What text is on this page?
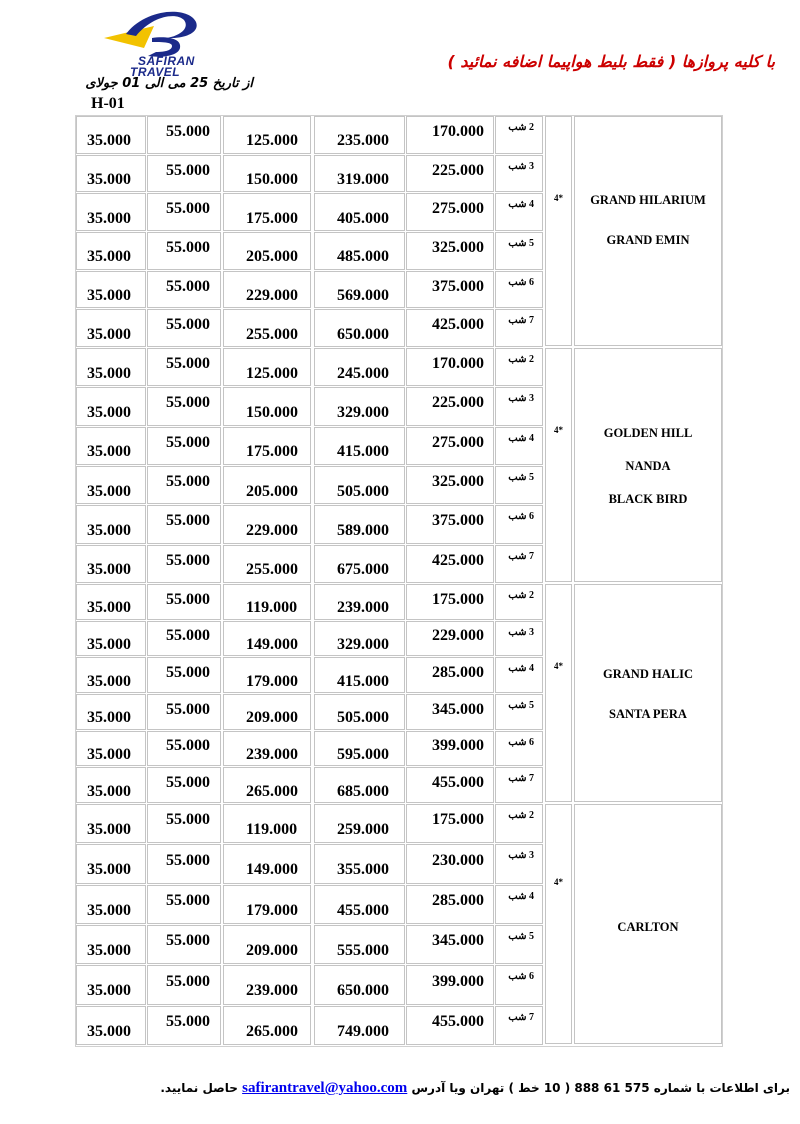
SAFIRAN
TRAVEL
با کلیه پروازها ( فقط بلیط هواپیما اضافه نمائید )
از تاریخ 25 می الی 01 جولای
H-01
35.000
55.000
125.000 235.000
170.000 2 شب
35.000
55.000
150.000 319.000
225.000 3 شب
35.000
55.000
175.000 405.000
275.000 4 شب
35.000
55.000
205.000 485.000
325.000 5 شب
35.000
55.000
229.000 569.000
375.000 6 شب
35.000
55.000
255.000 650.000
425.000 7 شب
4*	GRAND HILARIUM
GRAND EMIN
35.000
55.000
125.000 245.000
170.000 2 شب
35.000
55.000
150.000 329.000
225.000 3 شب
35.000
55.000
175.000 415.000
275.000 4 شب
35.000
55.000
205.000 505.000
325.000 5 شب
35.000
55.000
229.000 589.000
375.000 6 شب
35.000
55.000
255.000 675.000
425.000 7 شب
4*	GOLDEN HILL
NANDA
BLACK BIRD
35.000
55.000
119.000 239.000
175.000 2 شب
35.000
55.000
149.000 329.000
229.000 3 شب
35.000
55.000
179.000 415.000
285.000 4 شب
35.000
55.000
209.000 505.000
345.000 5 شب
35.000
55.000
239.000 595.000
399.000 6 شب
35.000
55.000
265.000 685.000
455.000 7 شب
4*
GRAND HALIC
SANTA PERA
35.000
55.000
119.000 259.000
175.000 2 شب
35.000
55.000
149.000 355.000
230.000 3 شب
35.000
55.000
179.000 455.000
285.000 4 شب
35.000
55.000
209.000 555.000
345.000 5 شب
35.000
55.000
239.000 650.000
399.000 6 شب
35.000
55.000
265.000 749.000
455.000 7 شب
4*
CARLTON
برای اطلاعات با شماره 575 61 888 ( 10 خط ) تهران ویا آدرس safirantravel@yahoo.com حاصل نمایید.
